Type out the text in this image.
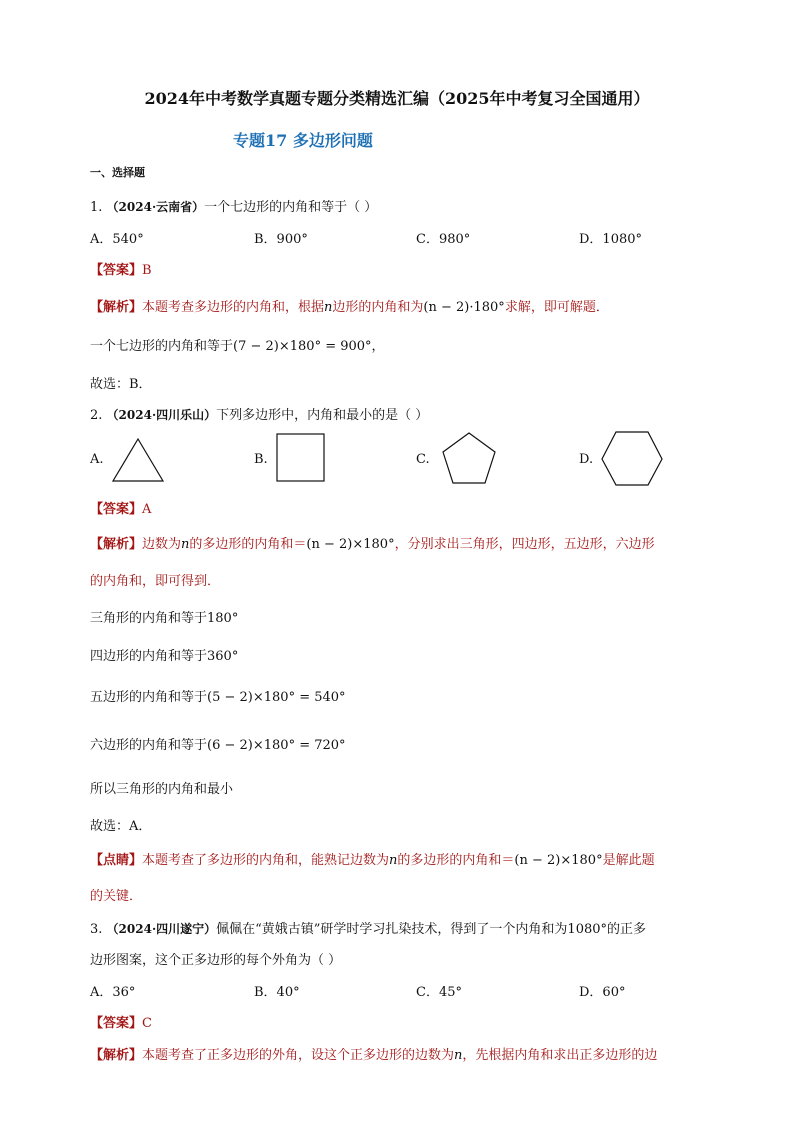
2024年中考数学真题专题分类精选汇编（2025年中考复习全国通用）
专题17 多边形问题
一、选择题
1. （2024·云南省）一个七边形的内角和等于（ ）
A．540°	B．900°	C．980°	D．1080°
【答案】B
【解析】本题考查多边形的内角和，根据n边形的内角和为(n − 2)·180°求解，即可解题．
一个七边形的内角和等于(7 − 2)×180° = 900°，
故选：B．
2. （2024·四川乐山）下列多边形中，内角和最小的是（ ）
A.	B.	C.	D.
【答案】A
【解析】边数为n的多边形的内角和＝(n − 2)×180°，分别求出三角形，四边形，五边形，六边形
的内角和，即可得到．
三角形的内角和等于180°
四边形的内角和等于360°
五边形的内角和等于(5 − 2)×180° = 540°
六边形的内角和等于(6 − 2)×180° = 720°
所以三角形的内角和最小
故选：A．
【点睛】本题考查了多边形的内角和，能熟记边数为n的多边形的内角和＝(n − 2)×180°是解此题
的关键．
3. （2024·四川遂宁）佩佩在“黄娥古镇”研学时学习扎染技术，得到了一个内角和为1080°的正多
边形图案，这个正多边形的每个外角为（ ）
A．36°	B．40°	C．45°	D．60°
【答案】C
【解析】本题考查了正多边形的外角，设这个正多边形的边数为n，先根据内角和求出正多边形的边
